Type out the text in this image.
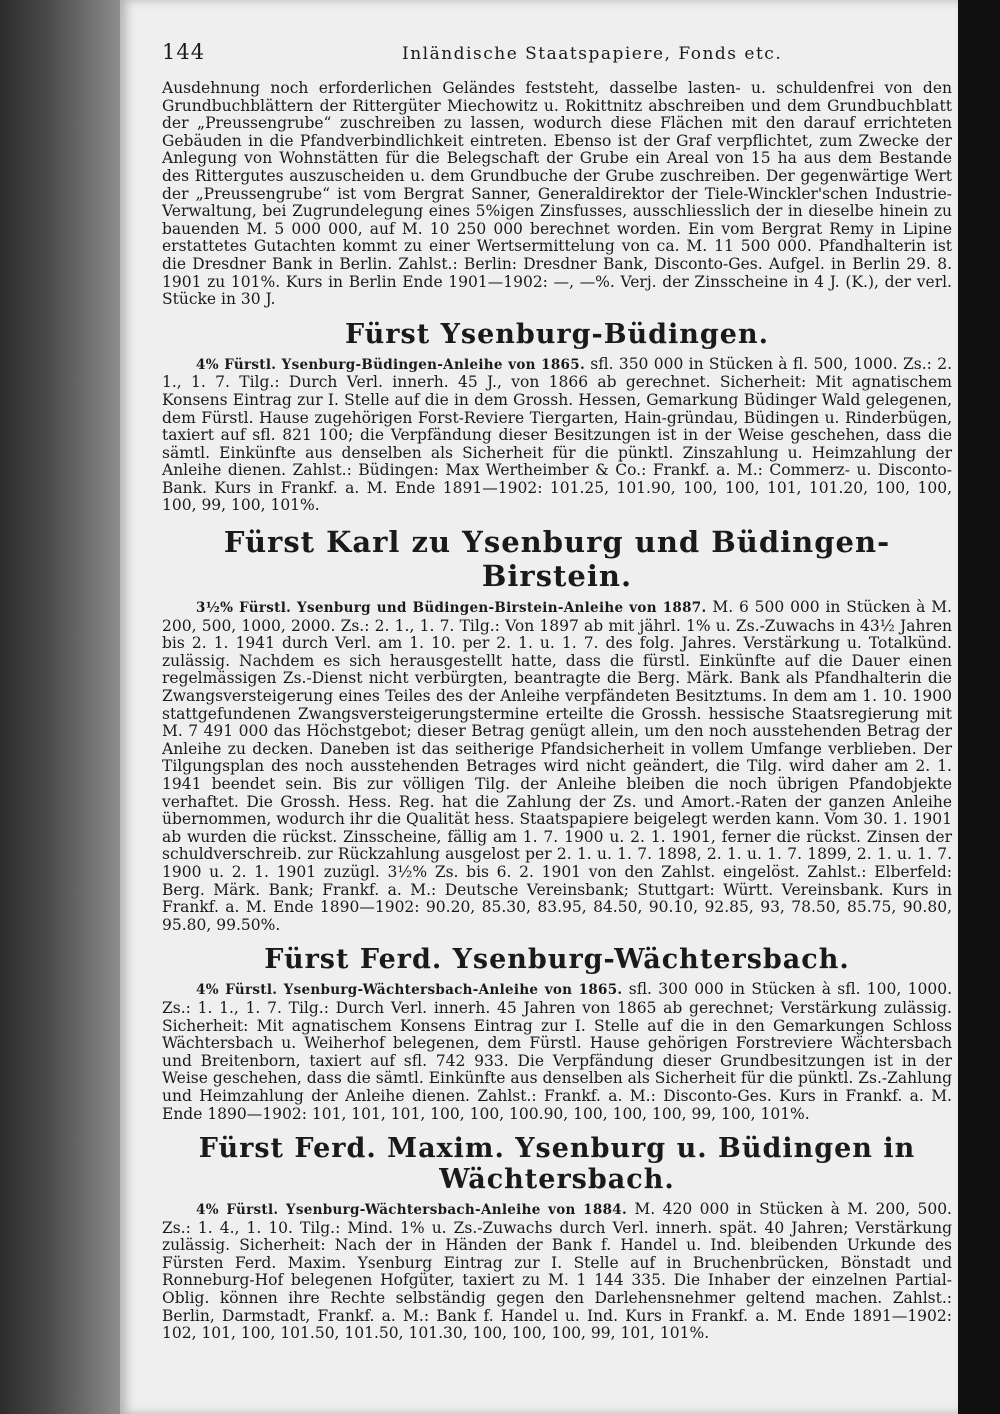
144	Inländische Staatspapiere, Fonds etc.

Ausdehnung noch erforderlichen Geländes feststeht, dasselbe lasten- u. schuldenfrei von den Grundbuchblättern der Rittergüter Miechowitz u. Rokittnitz abschreiben und dem Grundbuchblatt der „Preussengrube“ zuschreiben zu lassen, wodurch diese Flächen mit den darauf errichteten Gebäuden in die Pfandverbindlichkeit eintreten. Ebenso ist der Graf verpflichtet, zum Zwecke der Anlegung von Wohnstätten für die Belegschaft der Grube ein Areal von 15 ha aus dem Bestande des Rittergutes auszuscheiden u. dem Grundbuche der Grube zuschreiben. Der gegenwärtige Wert der „Preussengrube“ ist vom Bergrat Sanner, Generaldirektor der Tiele-Winckler'schen Industrie-Verwaltung, bei Zugrundelegung eines 5%igen Zinsfusses, ausschliesslich der in dieselbe hinein zu bauenden M. 5 000 000, auf M. 10 250 000 berechnet worden. Ein vom Bergrat Remy in Lipine erstattetes Gutachten kommt zu einer Wertsermittelung von ca. M. 11 500 000. Pfandhalterin ist die Dresdner Bank in Berlin. Zahlst.: Berlin: Dresdner Bank, Disconto-Ges. Aufgel. in Berlin 29. 8. 1901 zu 101%. Kurs in Berlin Ende 1901—1902: —, —%. Verj. der Zinsscheine in 4 J. (K.), der verl. Stücke in 30 J.

Fürst Ysenburg-Büdingen.

4% Fürstl. Ysenburg-Büdingen-Anleihe von 1865. sfl. 350 000 in Stücken à fl. 500, 1000. Zs.: 2. 1., 1. 7. Tilg.: Durch Verl. innerh. 45 J., von 1866 ab gerechnet. Sicherheit: Mit agnatischem Konsens Eintrag zur I. Stelle auf die in dem Grossh. Hessen, Gemarkung Büdinger Wald gelegenen, dem Fürstl. Hause zugehörigen Forst-Reviere Tiergarten, Hain-gründau, Büdingen u. Rinderbügen, taxiert auf sfl. 821 100; die Verpfändung dieser Besitzungen ist in der Weise geschehen, dass die sämtl. Einkünfte aus denselben als Sicherheit für die pünktl. Zinszahlung u. Heimzahlung der Anleihe dienen. Zahlst.: Büdingen: Max Wertheimber & Co.: Frankf. a. M.: Commerz- u. Disconto-Bank. Kurs in Frankf. a. M. Ende 1891—1902: 101.25, 101.90, 100, 100, 101, 101.20, 100, 100, 100, 99, 100, 101%.

Fürst Karl zu Ysenburg und Büdingen-Birstein.

3½% Fürstl. Ysenburg und Büdingen-Birstein-Anleihe von 1887. M. 6 500 000 in Stücken à M. 200, 500, 1000, 2000. Zs.: 2. 1., 1. 7. Tilg.: Von 1897 ab mit jährl. 1% u. Zs.-Zuwachs in 43½ Jahren bis 2. 1. 1941 durch Verl. am 1. 10. per 2. 1. u. 1. 7. des folg. Jahres. Verstärkung u. Totalkünd. zulässig. Nachdem es sich herausgestellt hatte, dass die fürstl. Einkünfte auf die Dauer einen regelmässigen Zs.-Dienst nicht verbürgten, beantragte die Berg. Märk. Bank als Pfandhalterin die Zwangsversteigerung eines Teiles des der Anleihe verpfändeten Besitztums. In dem am 1. 10. 1900 stattgefundenen Zwangsversteigerungstermine erteilte die Grossh. hessische Staatsregierung mit M. 7 491 000 das Höchstgebot; dieser Betrag genügt allein, um den noch ausstehenden Betrag der Anleihe zu decken. Daneben ist das seitherige Pfandsicherheit in vollem Umfange verblieben. Der Tilgungsplan des noch ausstehenden Betrages wird nicht geändert, die Tilg. wird daher am 2. 1. 1941 beendet sein. Bis zur völligen Tilg. der Anleihe bleiben die noch übrigen Pfandobjekte verhaftet. Die Grossh. Hess. Reg. hat die Zahlung der Zs. und Amort.-Raten der ganzen Anleihe übernommen, wodurch ihr die Qualität hess. Staatspapiere beigelegt werden kann. Vom 30. 1. 1901 ab wurden die rückst. Zinsscheine, fällig am 1. 7. 1900 u. 2. 1. 1901, ferner die rückst. Zinsen der schuldverschreib. zur Rückzahlung ausgelost per 2. 1. u. 1. 7. 1898, 2. 1. u. 1. 7. 1899, 2. 1. u. 1. 7. 1900 u. 2. 1. 1901 zuzügl. 3½% Zs. bis 6. 2. 1901 von den Zahlst. eingelöst. Zahlst.: Elberfeld: Berg. Märk. Bank; Frankf. a. M.: Deutsche Vereinsbank; Stuttgart: Württ. Vereinsbank. Kurs in Frankf. a. M. Ende 1890—1902: 90.20, 85.30, 83.95, 84.50, 90.10, 92.85, 93, 78.50, 85.75, 90.80, 95.80, 99.50%.

Fürst Ferd. Ysenburg-Wächtersbach.

4% Fürstl. Ysenburg-Wächtersbach-Anleihe von 1865. sfl. 300 000 in Stücken à sfl. 100, 1000. Zs.: 1. 1., 1. 7. Tilg.: Durch Verl. innerh. 45 Jahren von 1865 ab gerechnet; Verstärkung zulässig. Sicherheit: Mit agnatischem Konsens Eintrag zur I. Stelle auf die in den Gemarkungen Schloss Wächtersbach u. Weiherhof belegenen, dem Fürstl. Hause gehörigen Forstreviere Wächtersbach und Breitenborn, taxiert auf sfl. 742 933. Die Verpfändung dieser Grundbesitzungen ist in der Weise geschehen, dass die sämtl. Einkünfte aus denselben als Sicherheit für die pünktl. Zs.-Zahlung und Heimzahlung der Anleihe dienen. Zahlst.: Frankf. a. M.: Disconto-Ges. Kurs in Frankf. a. M. Ende 1890—1902: 101, 101, 101, 100, 100, 100.90, 100, 100, 100, 99, 100, 101%.

Fürst Ferd. Maxim. Ysenburg u. Büdingen in Wächtersbach.

4% Fürstl. Ysenburg-Wächtersbach-Anleihe von 1884. M. 420 000 in Stücken à M. 200, 500. Zs.: 1. 4., 1. 10. Tilg.: Mind. 1% u. Zs.-Zuwachs durch Verl. innerh. spät. 40 Jahren; Verstärkung zulässig. Sicherheit: Nach der in Händen der Bank f. Handel u. Ind. bleibenden Urkunde des Fürsten Ferd. Maxim. Ysenburg Eintrag zur I. Stelle auf in Bruchenbrücken, Bönstadt und Ronneburg-Hof belegenen Hofgüter, taxiert zu M. 1 144 335. Die Inhaber der einzelnen Partial-Oblig. können ihre Rechte selbständig gegen den Darlehensnehmer geltend machen. Zahlst.: Berlin, Darmstadt, Frankf. a. M.: Bank f. Handel u. Ind. Kurs in Frankf. a. M. Ende 1891—1902: 102, 101, 100, 101.50, 101.50, 101.30, 100, 100, 100, 99, 101, 101%.
